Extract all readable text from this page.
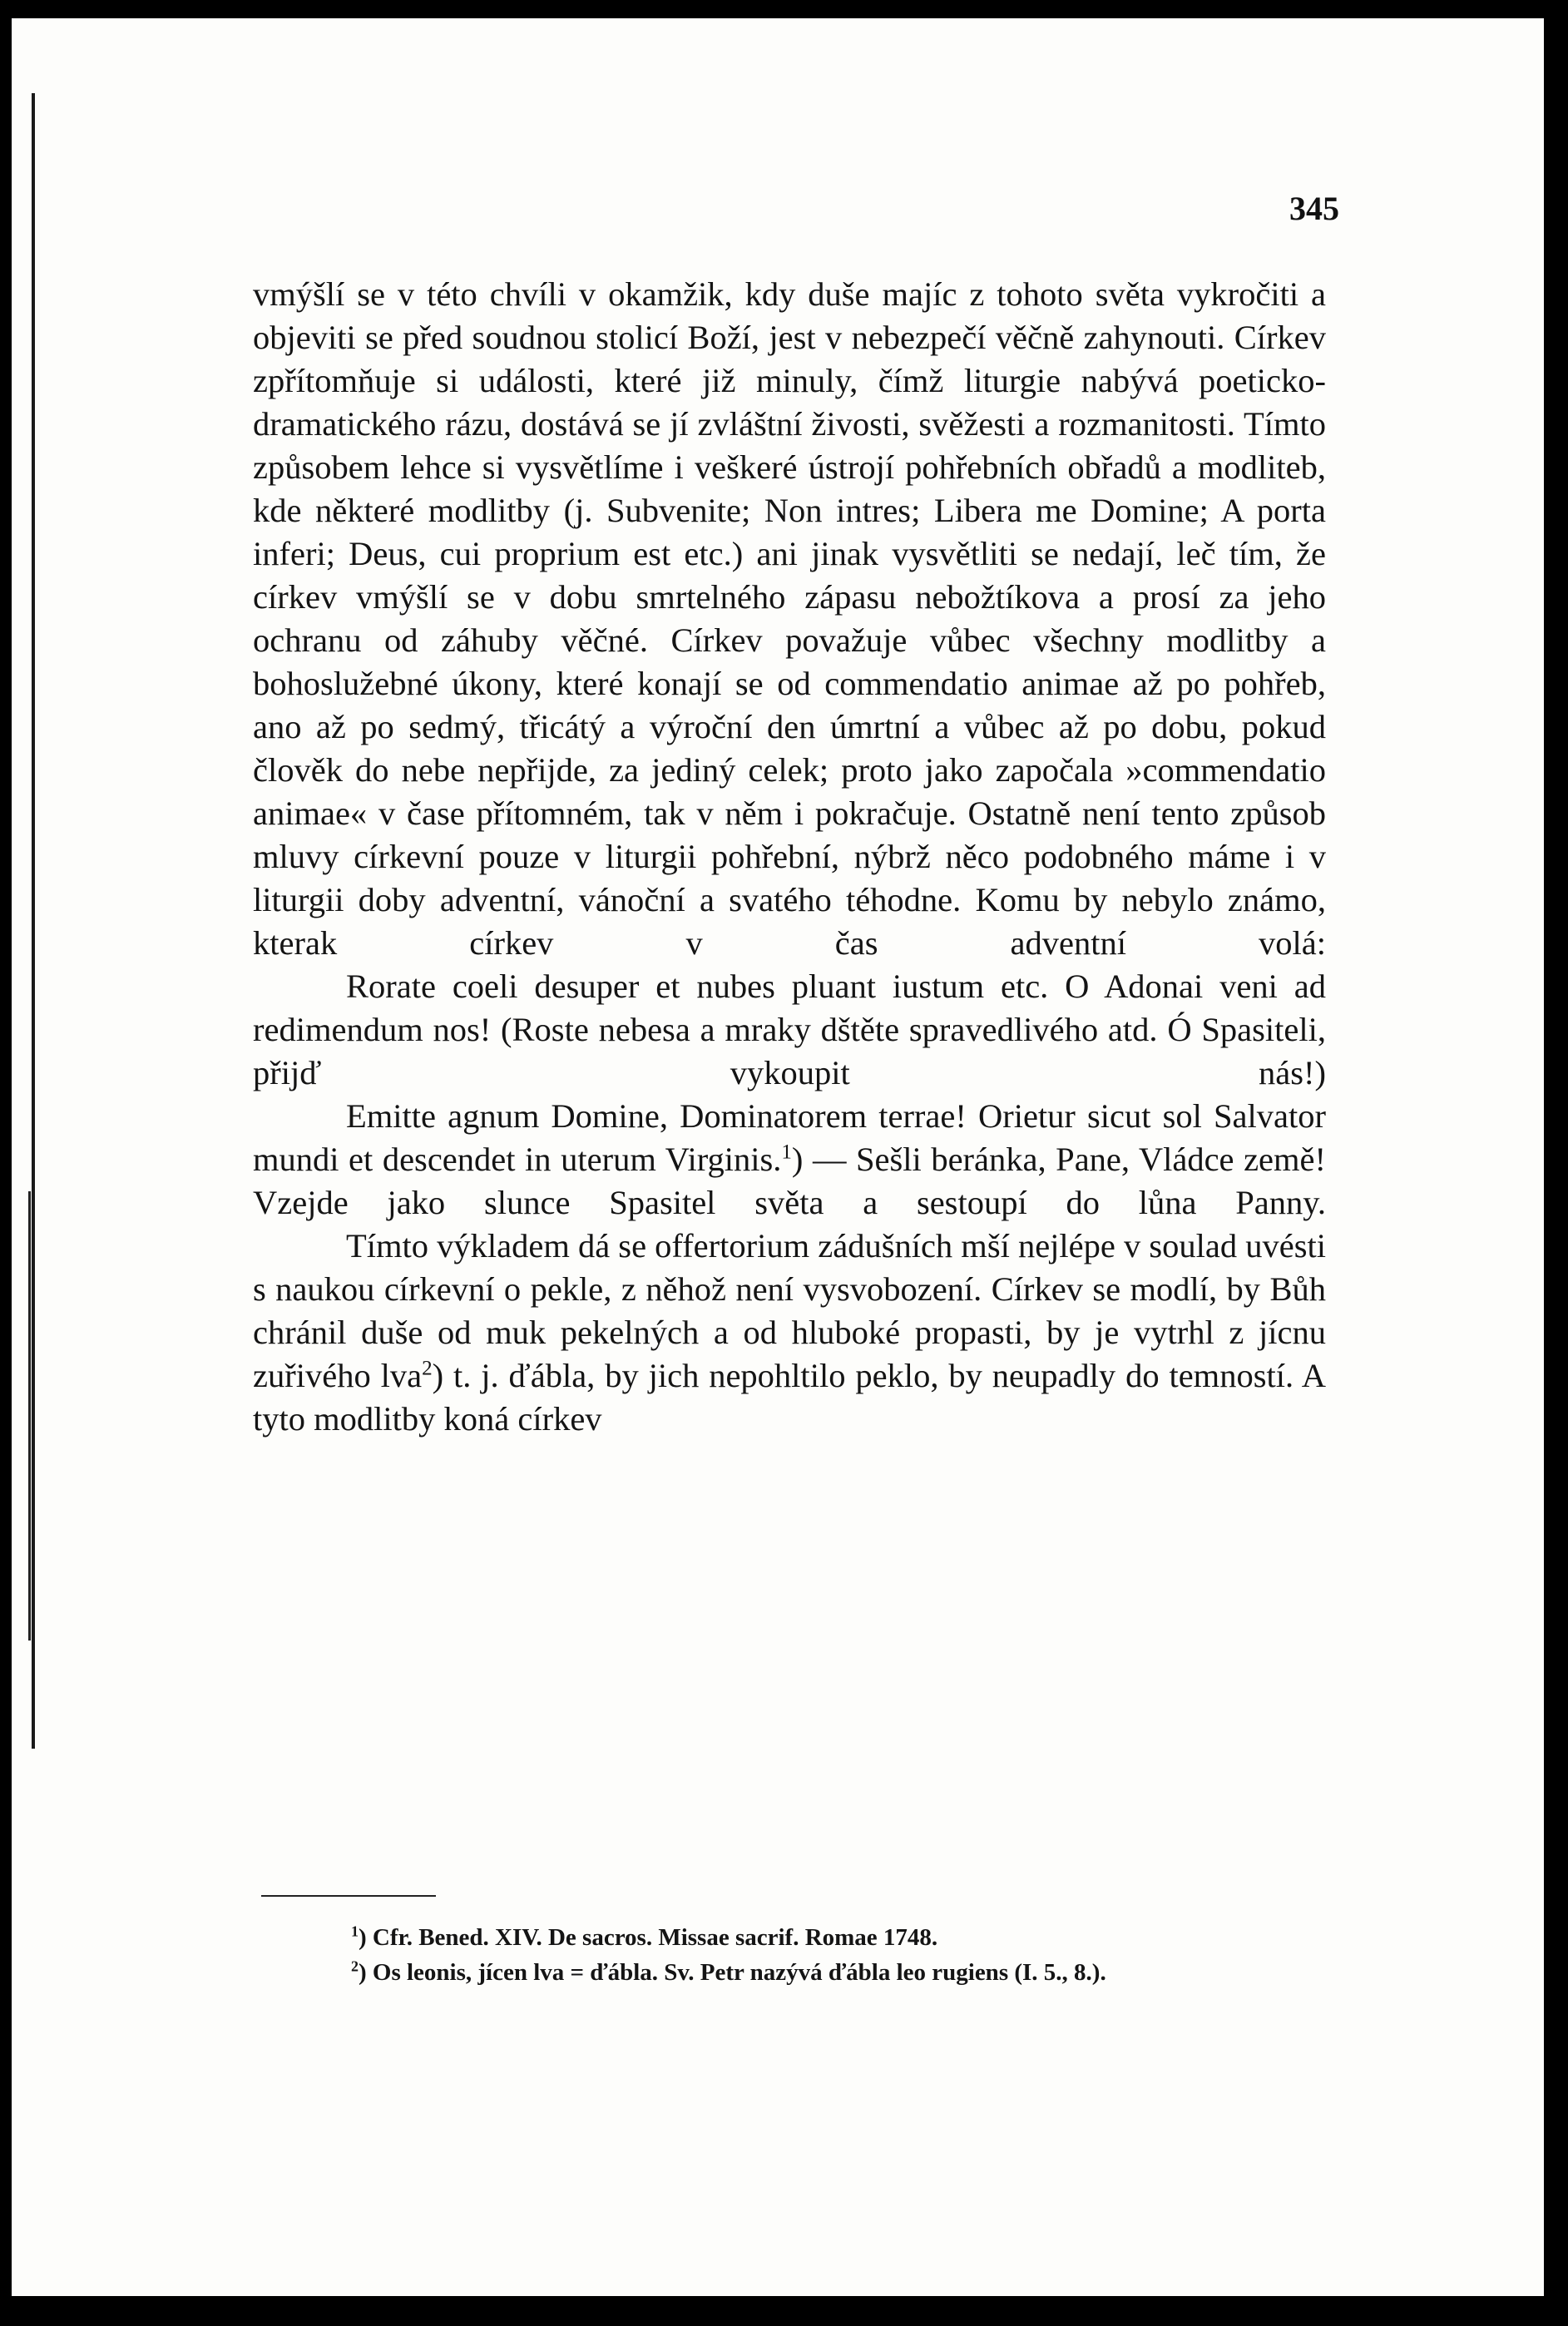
345

vmýšlí se v této chvíli v okamžik, kdy duše majíc z tohoto světa vykročiti a objeviti se před soudnou stolicí Boží, jest v nebezpečí věčně zahynouti. Církev zpřítomňuje si události, které již minuly, čímž liturgie nabývá poeticko-dramatického rázu, dostává se jí zvláštní živosti, svěžesti a rozmanitosti. Tímto způsobem lehce si vysvětlíme i veškeré ústrojí pohřebních obřadů a modliteb, kde některé modlitby (j. Subvenite; Non intres; Libera me Domine; A porta inferi; Deus, cui proprium est etc.) ani jinak vysvětliti se nedají, leč tím, že církev vmýšlí se v dobu smrtelného zápasu nebožtíkova a prosí za jeho ochranu od záhuby věčné. Církev považuje vůbec všechny modlitby a bohoslužebné úkony, které konají se od commendatio animae až po pohřeb, ano až po sedmý, třicátý a výroční den úmrtní a vůbec až po dobu, pokud člověk do nebe nepřijde, za jediný celek; proto jako započala »commendatio animae« v čase přítomném, tak v něm i pokračuje. Ostatně není tento způsob mluvy církevní pouze v liturgii pohřební, nýbrž něco podobného máme i v liturgii doby adventní, vánoční a svatého téhodne. Komu by nebylo známo, kterak církev v čas adventní volá:

Rorate coeli desuper et nubes pluant iustum etc. O Adonai veni ad redimendum nos! (Roste nebesa a mraky dštěte spravedlivého atd. Ó Spasiteli, přijď vykoupit nás!)

Emitte agnum Domine, Dominatorem terrae! Orietur sicut sol Salvator mundi et descendet in uterum Virginis.$^1$) — Sešli beránka, Pane, Vládce země! Vzejde jako slunce Spasitel světa a sestoupí do lůna Panny.

Tímto výkladem dá se offertorium zádušních mší nejlépe v soulad uvésti s naukou církevní o pekle, z něhož není vysvobození. Církev se modlí, by Bůh chránil duše od muk pekelných a od hluboké propasti, by je vytrhl z jícnu zuřivého lva$^2$) t. j. ďábla, by jich nepohltilo peklo, by neupadly do temností. A tyto modlitby koná církev

$^1$) Cfr. Bened. XIV. De sacros. Missae sacrif. Romae 1748.

$^2$) Os leonis, jícen lva = ďábla. Sv. Petr nazývá ďábla leo rugiens (I. 5., 8.).
